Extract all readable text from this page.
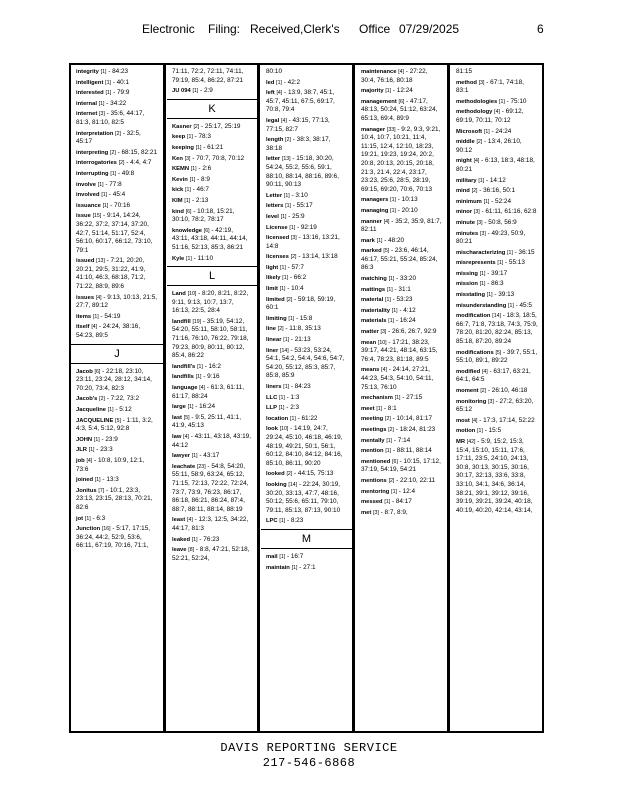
Electronic Filing: Received,Clerk's Office 07/29/2025	6
integrity [1] - 84:23
intelligent [1] - 40:1
interested [1] - 79:9
internal [1] - 34:22
internet [3] - 35:6, 44:17, 81:3, 81:10, 82:5
interpretation [2] - 32:5, 45:17
interpreting [2] - 68:15, 82:21
interrogatories [2] - 4:4, 4:7
interrupting [1] - 49:8
involve [1] - 77:8
involved [1] - 45:4
issuance [1] - 70:16
issue [15] - 9:14, 14:24, 36:22, 37:2, 37:14, 37:20, 42:7, 51:14, 51:17, 52:4, 56:10, 60:17, 66:12, 73:10, 79:1
issued [13] - 7:21, 20:20, 20:21, 29:5, 31:22, 41:9, 41:10, 46:3, 68:18, 71:2, 71:22, 88:9, 89:6
issues [4] - 9:13, 10:13, 21:5, 27:7, 89:12
items [1] - 54:19
itself [4] - 24:24, 38:16, 54:23, 89:5
J
Jacob [6] - 22:18, 23:10, 23:11, 23:24, 28:12, 34:14, 70:20, 73:4, 82:3
Jacob's [2] - 7:22, 73:2
Jacqueline [1] - 5:12
JACQUELINE [5] - 1:11, 3:2, 4:3, 5:4, 5:12, 92:8
JOHN [1] - 23:9
JLR [1] - 23:3
job [4] - 10:8, 10:9, 12:1, 73:6
joined [1] - 13:3
Jonitus [7] - 10:1, 23:3, 23:13, 23:15, 28:13, 70:21, 82:6
jot [1] - 6:3
Junction [16] - 5:17, 17:15, 36:24, 44:2, 52:9, 53:6, 66:11, 67:19, 70:16, 71:1,
71:11, 72:2, 72:11, 74:11, 79:19, 85:4, 86:22, 87:21
JU 094 [1] - 2:9
K
Kasner [2] - 25:17, 25:19
keep [1] - 78:3
keeping [1] - 61:21
Ken [3] - 70:7, 70:8, 70:12
KEMN [1] - 2:6
Kevin [1] - 8:9
kick [1] - 46:7
KIM [1] - 2:13
kind [6] - 10:18, 15:21, 30:10, 78:2, 78:17
knowledge [6] - 42:19, 43:11, 43:18, 44:11, 44:14, 51:16, 52:13, 85:3, 86:21
Kyle [1] - 11:10
L
Land [10] - 8:20, 8:21, 8:22, 9:11, 9:13, 10:7, 13:7, 16:13, 22:5, 28:4
landfill [19] - 35:19, 54:12, 54:20, 55:11, 58:10, 58:11, 71:16, 76:10, 76:22, 79:18, 79:23, 80:9, 80:11, 80:12, 85:4, 86:22
landfill's [1] - 16:2
landfills [1] - 9:16
language [4] - 61:3, 61:11, 61:17, 88:24
large [1] - 16:24
last [5] - 9:5, 25:11, 41:1, 41:9, 45:13
law [4] - 43:11, 43:18, 43:19, 44:12
lawyer [1] - 43:17
leachate [23] - 54:8, 54:20, 55:11, 58:9, 63:24, 65:12, 71:15, 72:13, 72:22, 72:24, 73:7, 73:9, 76:23, 86:17, 86:18, 86:21, 86:24, 87:4, 88:7, 88:11, 88:14, 88:19
least [4] - 12:3, 12:5, 34:22, 44:17, 81:3
leaked [1] - 76:23
leave [8] - 8:8, 47:21, 52:18, 52:21, 52:24,
80:10
led [1] - 42:2
left [4] - 13:9, 38:7, 45:1, 45:7, 45:11, 67:5, 69:17, 70:8, 79:4
legal [4] - 43:15, 77:13, 77:15, 82:7
length [2] - 38:3, 38:17, 38:18
letter [13] - 15:18, 30:20, 54:24, 55:2, 55:6, 59:1, 88:10, 88:14, 88:16, 89:6, 90:11, 90:13
Letter [1] - 3:10
letters [1] - 55:17
level [1] - 25:9
License [1] - 92:19
licensed [3] - 13:16, 13:21, 14:8
licenses [2] - 13:14, 13:18
light [1] - 57:7
likely [1] - 66:2
limit [1] - 10:4
limited [2] - 59:18, 59:19, 60:1
limiting [1] - 15:8
line [2] - 11:8, 35:13
linear [1] - 21:13
liner [14] - 53:23, 53:24, 54:1, 54:2, 54:4, 54:6, 54:7, 54:20, 55:12, 85:3, 85:7, 85:8, 85:9
liners [1] - 84:23
LLC [1] - 1:3
LLP [1] - 2:3
location [1] - 61:22
look [10] - 14:19, 24:7, 29:24, 45:10, 46:18, 46:19, 48:19, 49:21, 50:1, 56:1, 60:12, 84:10, 84:12, 84:16, 85:10, 86:11, 90:20
looked [2] - 44:15, 75:13
looking [14] - 22:24, 30:19, 30:20, 33:13, 47:7, 48:16, 50:12, 55:6, 65:11, 79:10, 79:11, 85:13, 87:13, 90:10
LPC [1] - 8:23
M
mail [1] - 16:7
maintain [1] - 27:1
maintenance [4] - 27:22, 30:4, 76:16, 80:18
majority [1] - 12:24
management [6] - 47:17, 48:13, 50:24, 51:12, 63:24, 65:13, 69:4, 89:9
manager [33] - 9:2, 9:3, 9:21, 10:4, 10:7, 10:21, 11:4, 11:15, 12:4, 12:10, 18:23, 19:21, 19:23, 19:24, 20:2, 20:8, 20:13, 20:15, 20:18, 21:3, 21:4, 22:4, 23:17, 23:23, 25:6, 28:5, 28:19, 69:15, 69:20, 70:6, 70:13
managers [1] - 10:13
managing [1] - 20:10
manner [4] - 35:2, 35:9, 81:7, 82:11
mark [1] - 48:20
marked [5] - 23:6, 46:14, 46:17, 55:21, 55:24, 85:24, 86:3
matching [1] - 33:20
mattings [1] - 31:1
material [1] - 53:23
materiality [1] - 4:12
materials [1] - 16:24
matter [3] - 26:6, 26:7, 92:9
mean [10] - 17:21, 38:23, 39:17, 44:21, 48:14, 63:15, 76:4, 78:23, 81:18, 89:5
means [4] - 24:14, 27:21, 44:23, 54:3, 54:10, 54:11, 75:13, 76:10
mechanism [1] - 27:15
meet [1] - 8:1
meeting [2] - 10:14, 81:17
meetings [2] - 18:24, 81:23
mentally [1] - 7:14
mention [1] - 88:11, 88:14
mentioned [6] - 10:15, 17:12, 37:19, 54:19, 54:21
mentions [2] - 22:10, 22:11
mentoring [1] - 12:4
messed [1] - 84:17
met [3] - 8:7, 8:9,
81:15
method [3] - 67:1, 74:18, 83:1
methodologies [1] - 75:10
methodology [4] - 69:12, 69:19, 70:11, 70:12
Microsoft [1] - 24:24
middle [2] - 13:4, 26:10, 90:12
might [4] - 6:13, 18:3, 48:18, 80:21
military [1] - 14:12
mind [2] - 36:16, 50:1
minimum [1] - 52:24
minor [3] - 61:11, 61:16, 62:8
minute [3] - 50:8, 56:9
minutes [3] - 49:23, 50:9, 80:21
mischaracterizing [1] - 36:15
misrepresents [1] - 55:13
missing [1] - 39:17
mission [1] - 86:3
misstating [1] - 39:13
misunderstanding [1] - 45:5
modification [14] - 18:3, 18:5, 66:7, 71:8, 73:18, 74:3, 75:9, 78:20, 81:20, 82:24, 85:13, 85:18, 87:20, 89:24
modifications [5] - 39:7, 55:1, 55:10, 89:1, 89:22
modified [4] - 63:17, 63:21, 64:1, 64:5
moment [2] - 26:10, 46:18
monitoring [3] - 27:2, 63:20, 65:12
most [4] - 17:3, 17:14, 52:22
motion [1] - 15:5
MR [42] - 5:9, 15:2, 15:3, 15:4, 15:10, 15:11, 17:6, 17:11, 23:5, 24:10, 24:13, 30:8, 30:13, 30:15, 30:16, 30:17, 32:13, 33:6, 33:8, 33:10, 34:1, 34:6, 36:14, 38:21, 39:1, 39:12, 39:16, 39:19, 39:21, 39:24, 40:18, 40:19, 40:20, 42:14, 43:14,
DAVIS REPORTING SERVICE
217-546-6868
